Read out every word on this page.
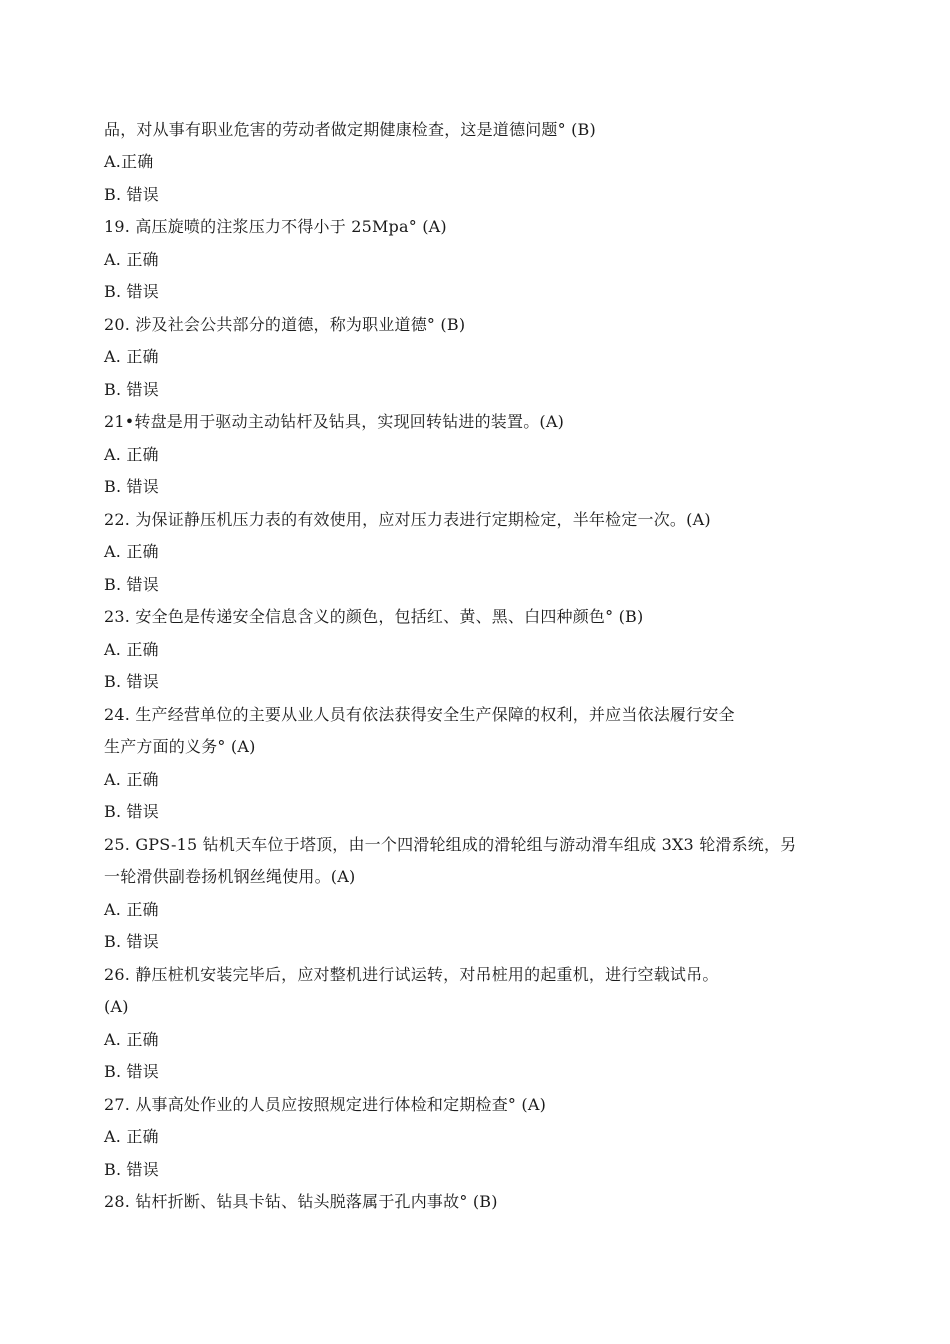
品，对从事有职业危害的劳动者做定期健康检查，这是道德问题° (B)
A.正确
B. 错误
19. 高压旋喷的注浆压力不得小于 25Mpa° (A)
A. 正确
B. 错误
20. 涉及社会公共部分的道德，称为职业道德° (B)
A. 正确
B. 错误
21•转盘是用于驱动主动钻杆及钻具，实现回转钻进的装置。(A)
A. 正确
B. 错误
22. 为保证静压机压力表的有效使用，应对压力表进行定期检定，半年检定一次。(A)
A. 正确
B. 错误
23. 安全色是传递安全信息含义的颜色，包括红、黄、黑、白四种颜色° (B)
A. 正确
B. 错误
24. 生产经营单位的主要从业人员有依法获得安全生产保障的权利，并应当依法履行安全
生产方面的义务° (A)
A. 正确
B. 错误
25. GPS-15 钻机天车位于塔顶，由一个四滑轮组成的滑轮组与游动滑车组成 3X3 轮滑系统，另
一轮滑供副卷扬机钢丝绳使用。(A)
A. 正确
B. 错误
26. 静压桩机安装完毕后，应对整机进行试运转，对吊桩用的起重机，进行空载试吊。
(A)
A. 正确
B. 错误
27. 从事高处作业的人员应按照规定进行体检和定期检查° (A)
A. 正确
B. 错误
28. 钻杆折断、钻具卡钻、钻头脱落属于孔内事故° (B)
